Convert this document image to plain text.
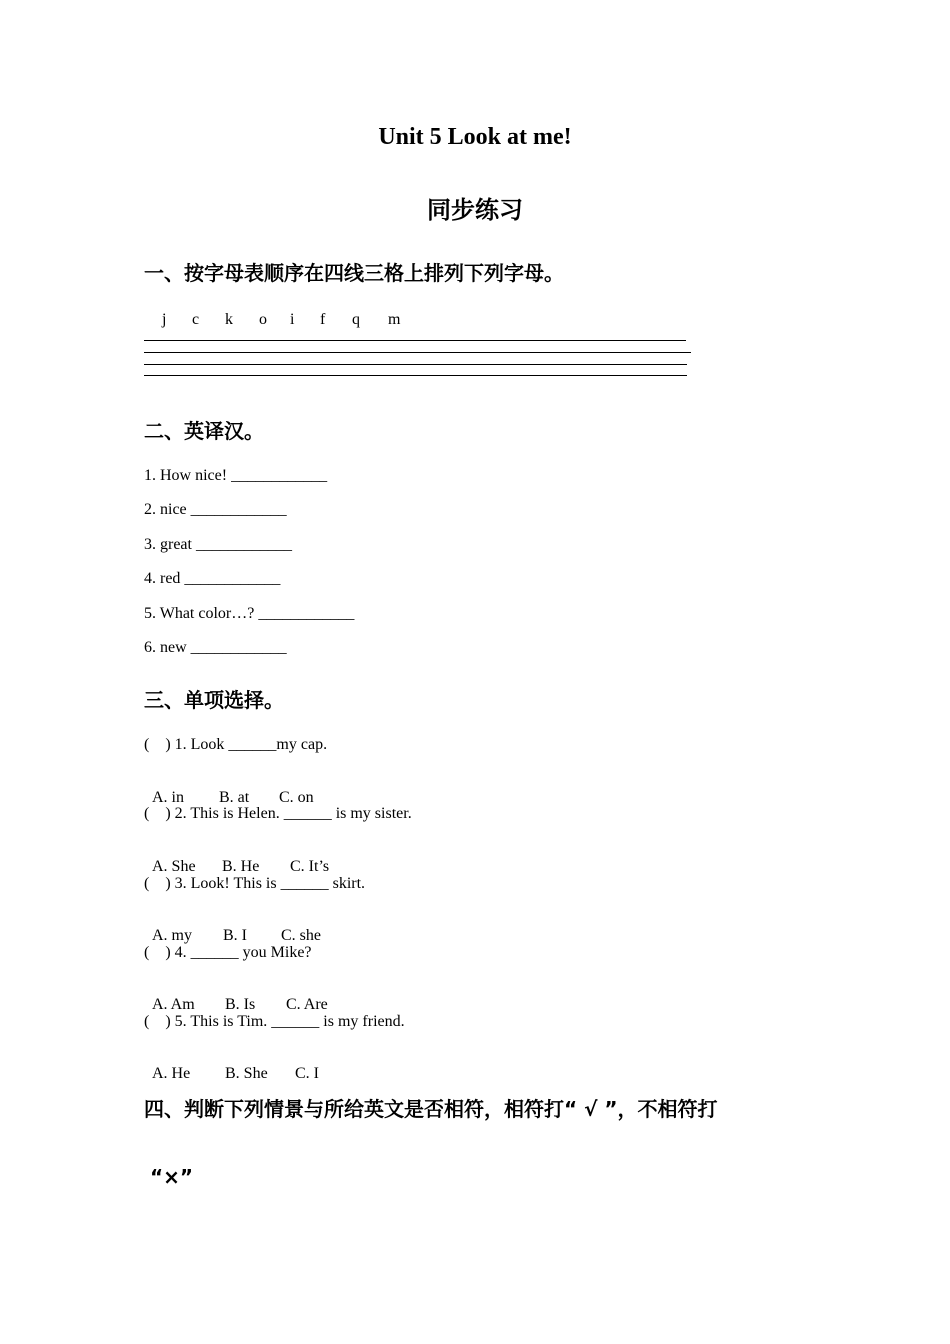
Unit 5 Look at me!
同步练习
一、按字母表顺序在四线三格上排列下列字母。
j	c	k	o	i	f	q	m
二、英译汉。
1. How nice! ____________
2. nice ____________
3. great ____________
4. red ____________
5. What color…? ____________
6. new ____________
三、单项选择。
(    ) 1. Look ______my cap.

A. in B. at C. on

(    ) 2. This is Helen. ______ is my sister.

A. She B. He C. It’s

(    ) 3. Look! This is ______ skirt.

A. my B. I C. she

(    ) 4. ______ you Mike?

A. Am B. Is C. Are

(    ) 5. This is Tim. ______ is my friend.

A. He B. She C. I

四、判断下列情景与所给英文是否相符，相符打“ √ ”，不相符打
“×”
